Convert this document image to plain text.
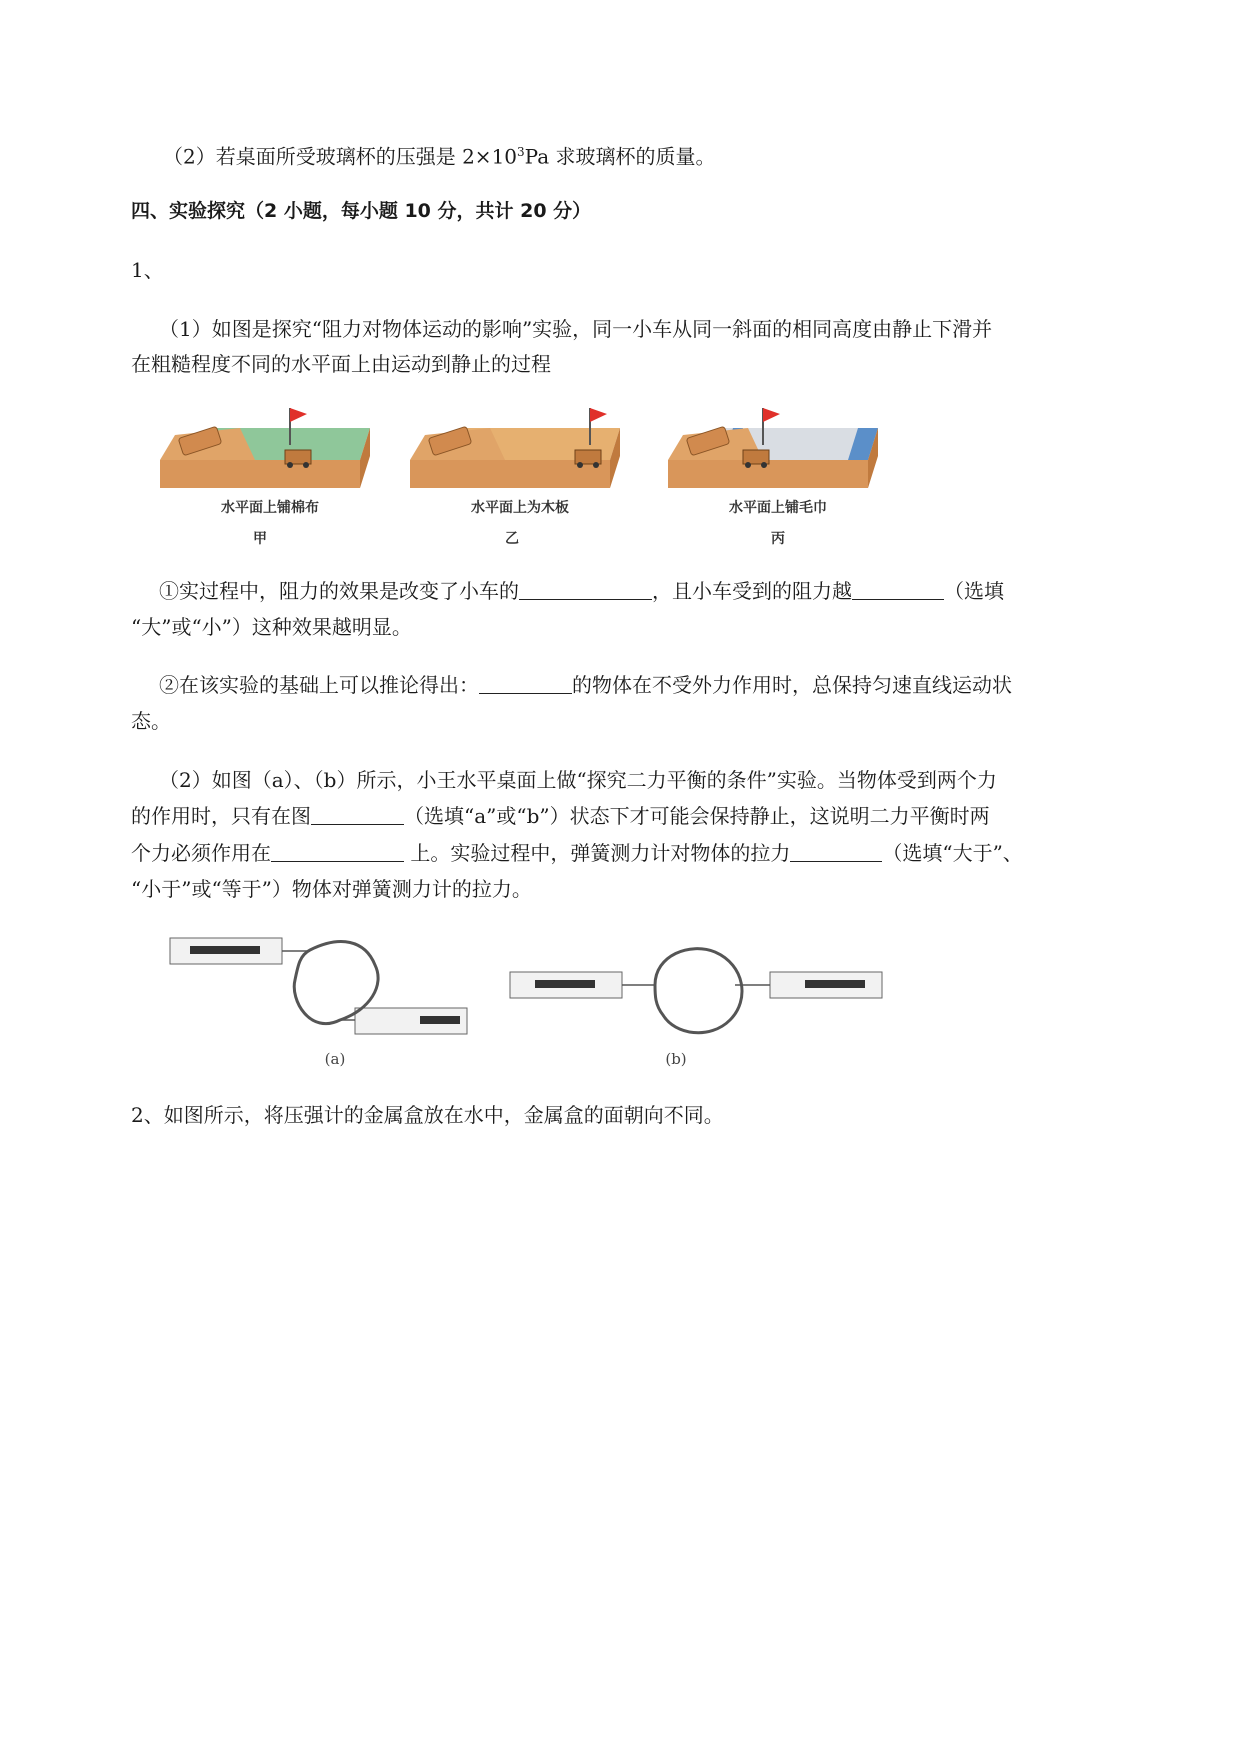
（2）若桌面所受玻璃杯的压强是 $2\times 10^3Pa$ 求玻璃杯的质量。
四、实验探究（2 小题，每小题 10 分，共计 20 分）
1、
（1）如图是探究“阻力对物体运动的影响”实验，同一小车从同一斜面的相同高度由静止下滑并
在粗糙程度不同的水平面上由运动到静止的过程
水平面上铺棉布	水平面上为木板	水平面上铺毛巾
甲	乙	丙
①实过程中，阻力的效果是改变了小车的	，且小车受到的阻力越	（选填
“大”或“小”）这种效果越明显。
②在该实验的基础上可以推论得出：	的物体在不受外力作用时，总保持匀速直线运动状
态。
（2）如图（a）、（b）所示，小王水平桌面上做“探究二力平衡的条件”实验。当物体受到两个力
的作用时，只有在图	（选填“a”或“b”）状态下才可能会保持静止，这说明二力平衡时两
个力必须作用在	上。实验过程中，弹簧测力计对物体的拉力	（选填“大于”、
“小于”或“等于”）物体对弹簧测力计的拉力。
(a)	(b)
2、如图所示，将压强计的金属盒放在水中，金属盒的面朝向不同。
